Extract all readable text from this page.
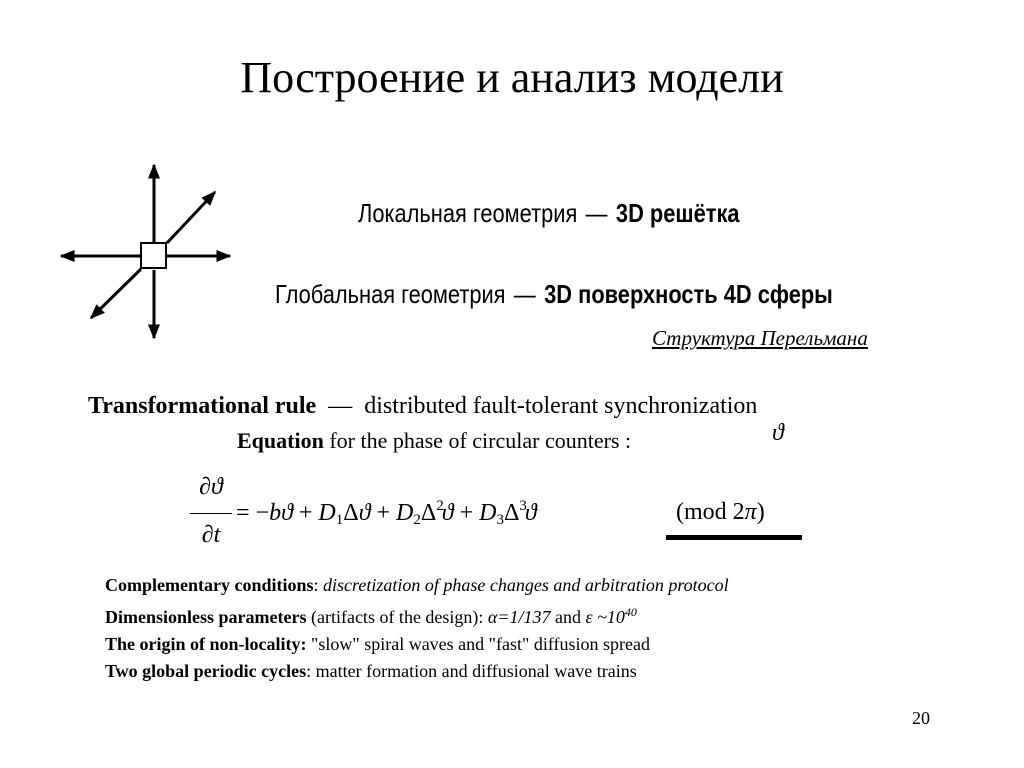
Построение и анализ модели
Локальная геометрия — 3D решётка
Глобальная геометрия — 3D поверхность 4D сферы
Структура Перельмана
Transformational rule — distributed fault-tolerant synchronization
Equation for the phase of circular counters :	ϑ
∂ϑ
∂t
= $-bϑ + D_1\Delta ϑ + D_2\Delta^2ϑ + D_3\Delta^3ϑ$	(mod 2π)
Complementary conditions: discretization of phase changes and arbitration protocol
Dimensionless parameters (artifacts of the design): α=1/137 and ε $\sim 10^{40}$
The origin of non-locality: "slow" spiral waves and "fast" diffusion spread
Two global periodic cycles: matter formation and diffusional wave trains
20
